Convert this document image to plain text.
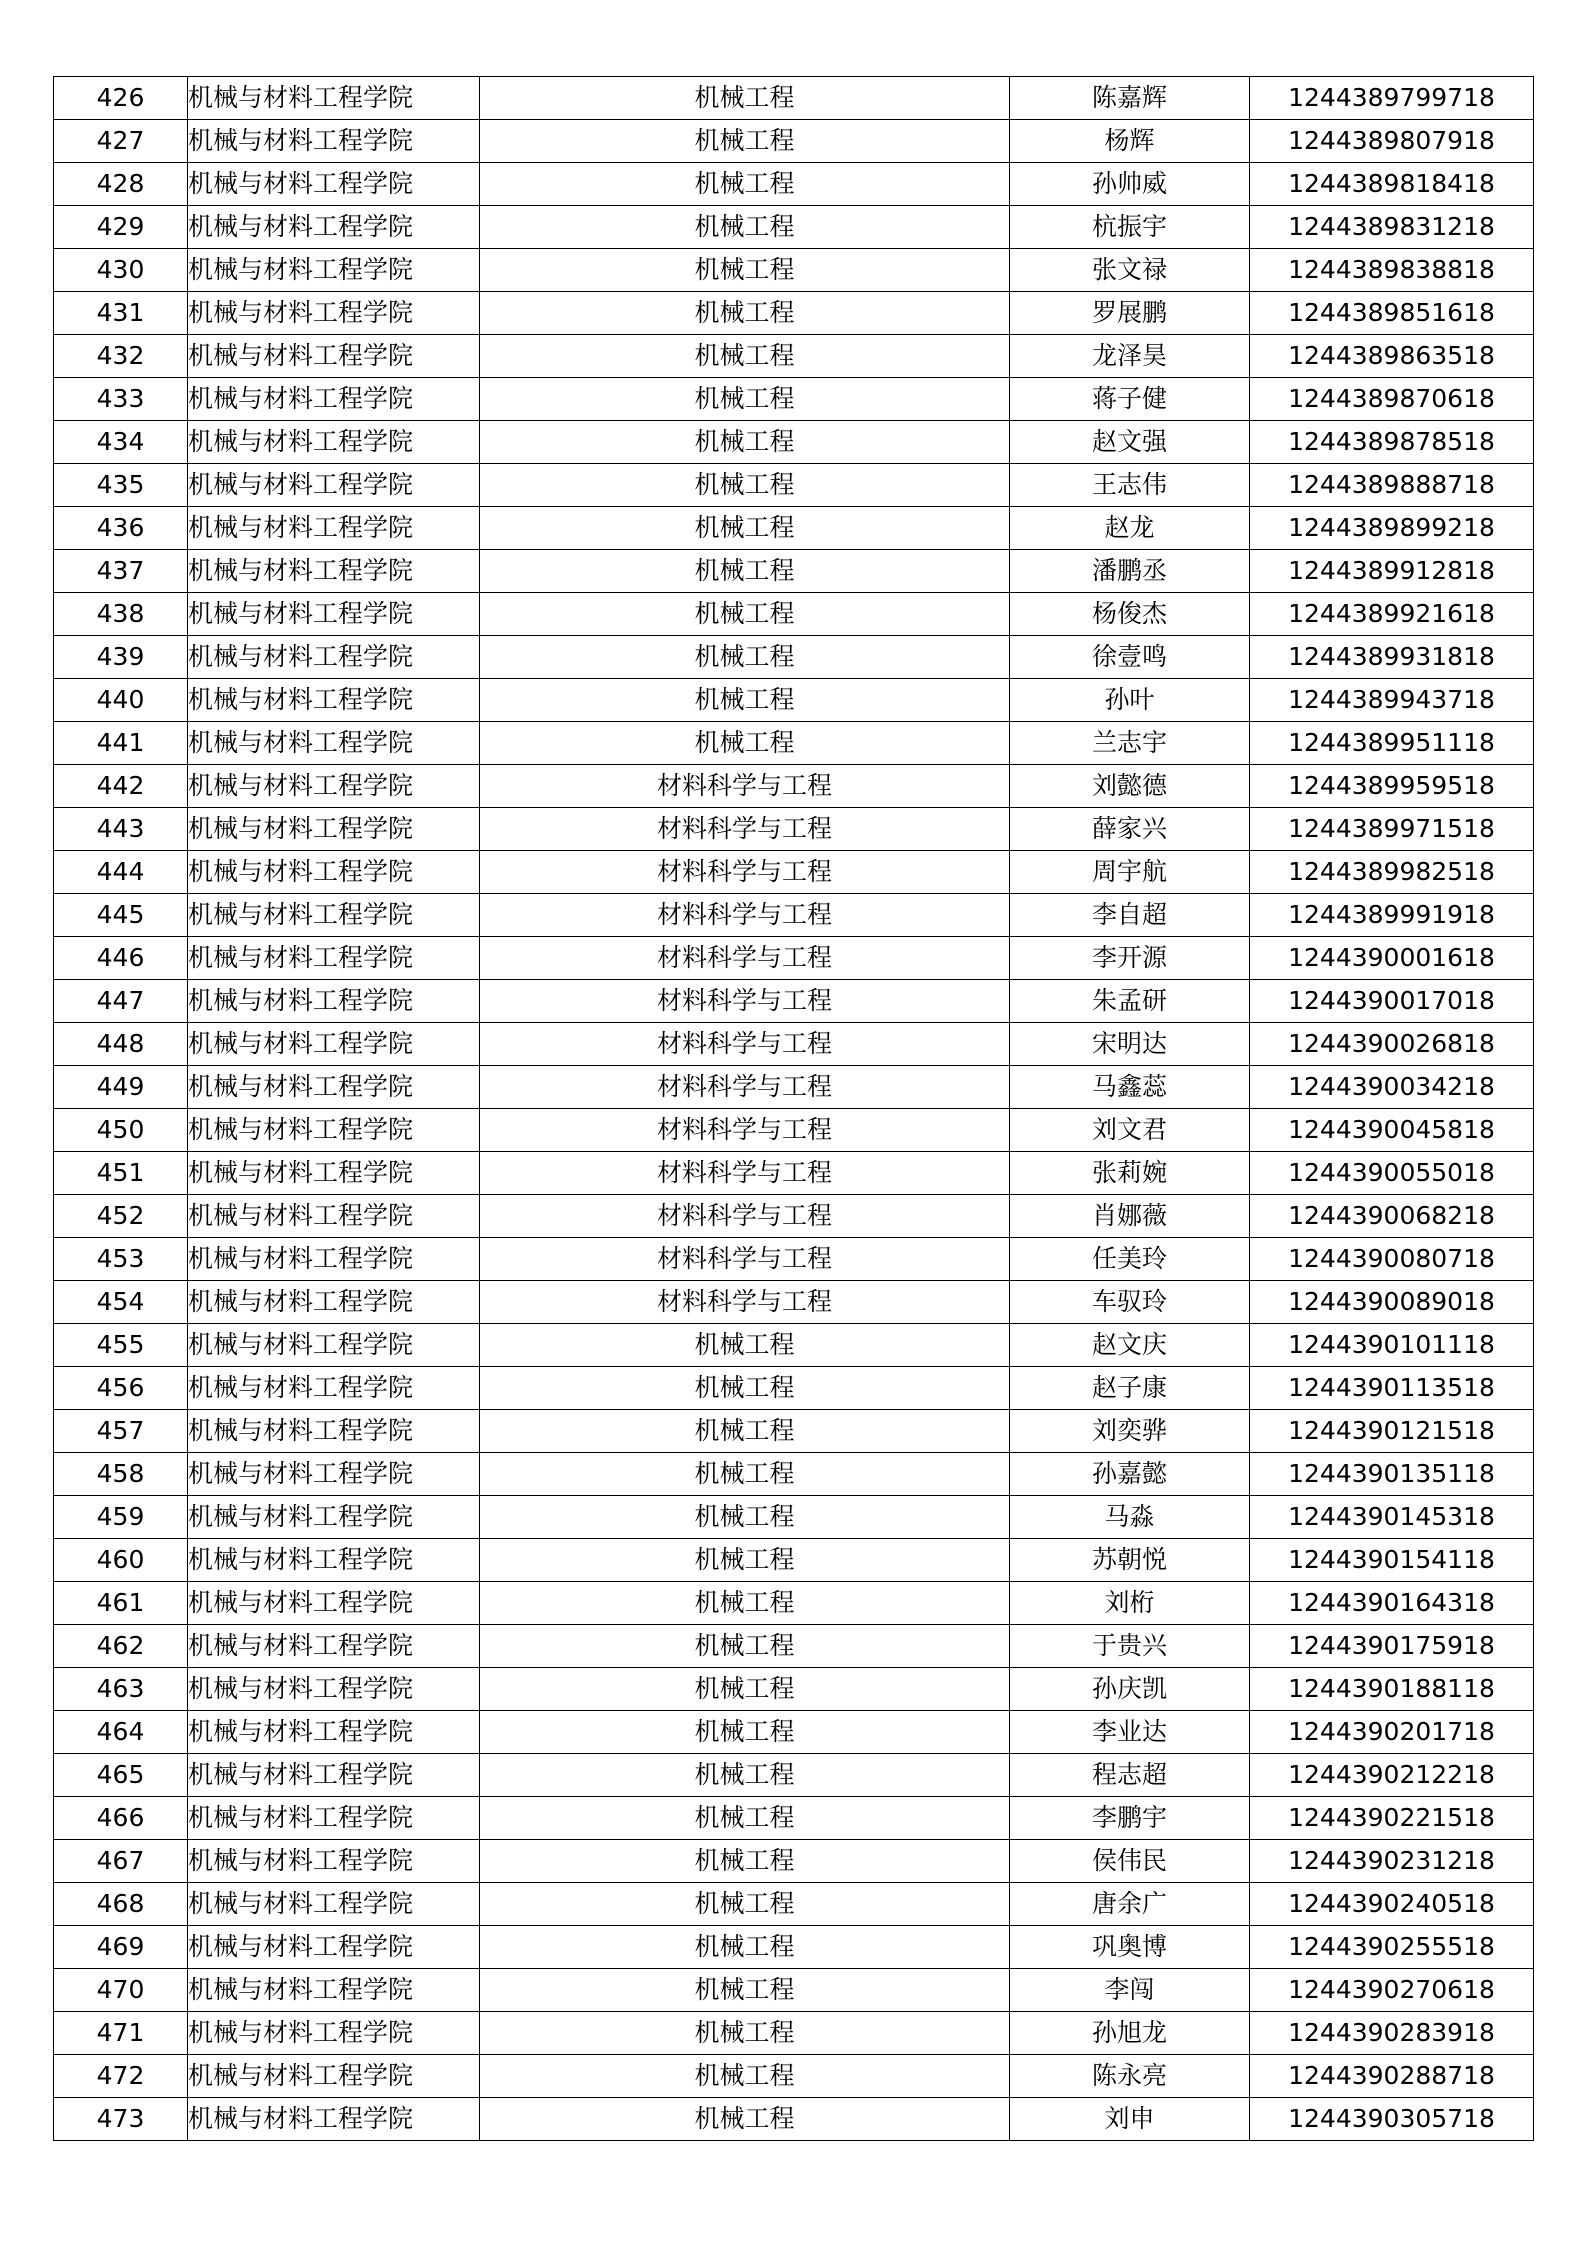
426	机械与材料工程学院	机械工程	陈嘉辉	1244389799718
427	机械与材料工程学院	机械工程	杨辉	1244389807918
428	机械与材料工程学院	机械工程	孙帅威	1244389818418
429	机械与材料工程学院	机械工程	杭振宇	1244389831218
430	机械与材料工程学院	机械工程	张文禄	1244389838818
431	机械与材料工程学院	机械工程	罗展鹏	1244389851618
432	机械与材料工程学院	机械工程	龙泽昊	1244389863518
433	机械与材料工程学院	机械工程	蒋子健	1244389870618
434	机械与材料工程学院	机械工程	赵文强	1244389878518
435	机械与材料工程学院	机械工程	王志伟	1244389888718
436	机械与材料工程学院	机械工程	赵龙	1244389899218
437	机械与材料工程学院	机械工程	潘鹏丞	1244389912818
438	机械与材料工程学院	机械工程	杨俊杰	1244389921618
439	机械与材料工程学院	机械工程	徐壹鸣	1244389931818
440	机械与材料工程学院	机械工程	孙叶	1244389943718
441	机械与材料工程学院	机械工程	兰志宇	1244389951118
442	机械与材料工程学院	材料科学与工程	刘懿德	1244389959518
443	机械与材料工程学院	材料科学与工程	薛家兴	1244389971518
444	机械与材料工程学院	材料科学与工程	周宇航	1244389982518
445	机械与材料工程学院	材料科学与工程	李自超	1244389991918
446	机械与材料工程学院	材料科学与工程	李开源	1244390001618
447	机械与材料工程学院	材料科学与工程	朱孟研	1244390017018
448	机械与材料工程学院	材料科学与工程	宋明达	1244390026818
449	机械与材料工程学院	材料科学与工程	马鑫蕊	1244390034218
450	机械与材料工程学院	材料科学与工程	刘文君	1244390045818
451	机械与材料工程学院	材料科学与工程	张莉婉	1244390055018
452	机械与材料工程学院	材料科学与工程	肖娜薇	1244390068218
453	机械与材料工程学院	材料科学与工程	任美玲	1244390080718
454	机械与材料工程学院	材料科学与工程	车驭玲	1244390089018
455	机械与材料工程学院	机械工程	赵文庆	1244390101118
456	机械与材料工程学院	机械工程	赵子康	1244390113518
457	机械与材料工程学院	机械工程	刘奕骅	1244390121518
458	机械与材料工程学院	机械工程	孙嘉懿	1244390135118
459	机械与材料工程学院	机械工程	马淼	1244390145318
460	机械与材料工程学院	机械工程	苏朝悦	1244390154118
461	机械与材料工程学院	机械工程	刘桁	1244390164318
462	机械与材料工程学院	机械工程	于贵兴	1244390175918
463	机械与材料工程学院	机械工程	孙庆凯	1244390188118
464	机械与材料工程学院	机械工程	李业达	1244390201718
465	机械与材料工程学院	机械工程	程志超	1244390212218
466	机械与材料工程学院	机械工程	李鹏宇	1244390221518
467	机械与材料工程学院	机械工程	侯伟民	1244390231218
468	机械与材料工程学院	机械工程	唐余广	1244390240518
469	机械与材料工程学院	机械工程	巩奥博	1244390255518
470	机械与材料工程学院	机械工程	李闯	1244390270618
471	机械与材料工程学院	机械工程	孙旭龙	1244390283918
472	机械与材料工程学院	机械工程	陈永亮	1244390288718
473	机械与材料工程学院	机械工程	刘申	1244390305718
